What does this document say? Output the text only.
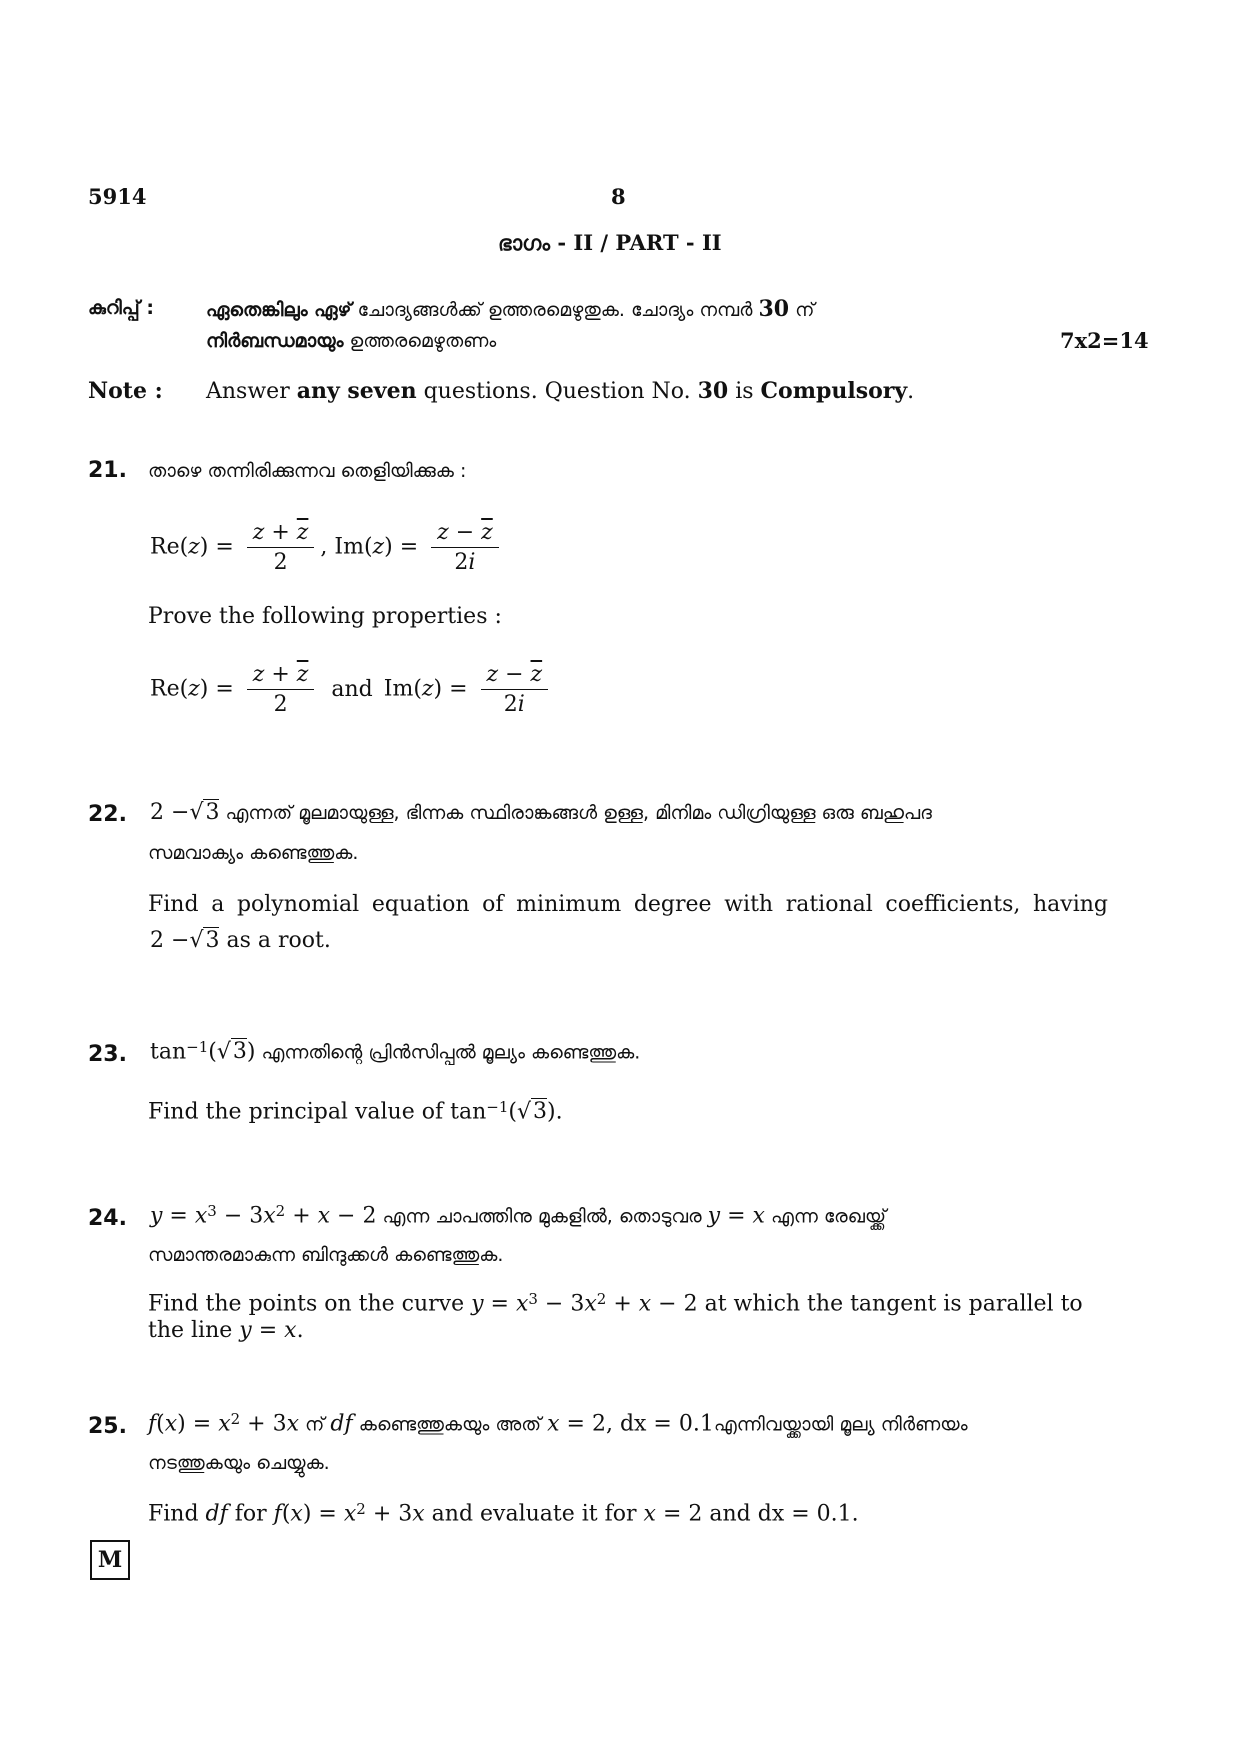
5914	8
ഭാഗം - II / PART - II
കുറിപ്പ് :	ഏതെങ്കിലും ഏഴ് ചോദ്യങ്ങൾക്ക് ഉത്തരമെഴുതുക. ചോദ്യം നമ്പർ 30 ന്
നിർബന്ധമായും ഉത്തരമെഴുതണം	7x2=14
Note : Answer any seven questions. Question No. 30 is Compulsory.
21. താഴെ തന്നിരിക്കുന്നവ തെളിയിക്കുക :
$Re(z) = \frac{z + \overline{z}}{2}$ , $Im(z) = \frac{z - \overline{z}}{2i}$
Prove the following properties :
$Re(z) = \frac{z + \overline{z}}{2}$ and $Im(z) = \frac{z - \overline{z}}{2i}$
22. 2 −√3 എന്നത് മൂലമായുള്ള, ഭിന്നക സ്ഥിരാങ്കങ്ങൾ ഉള്ള, മിനിമം ഡിഗ്രിയുള്ള ഒരു ബഹുപദ
സമവാക്യം കണ്ടെത്തുക.
Find a polynomial equation of minimum degree with rational coefficients, having
2 −√3 as a root.
23. $\tan^{-1}(√3)$ എന്നതിന്റെ പ്രിൻസിപ്പൽ മൂല്യം കണ്ടെത്തുക.
Find the principal value of $\tan^{-1}(√3)$.
24. $y = x^3 - 3x^2 + x - 2$ എന്ന ചാപത്തിനു മുകളിൽ, തൊടുവര y = x എന്ന രേഖയ്ക്ക്
സമാന്തരമാകുന്ന ബിന്ദുക്കൾ കണ്ടെത്തുക.
Find the points on the curve $y = x^3 - 3x^2 + x - 2$ at which the tangent is parallel to
the line y = x.
25. $f(x) = x^2 + 3x$ ന് df കണ്ടെത്തുകയും അത് x = 2, dx = 0.1എന്നിവയ്ക്കായി മൂല്യ നിർണയം
നടത്തുകയും ചെയ്യുക.
Find df for $f(x) = x^2 + 3x$ and evaluate it for x = 2 and dx = 0.1.
M
